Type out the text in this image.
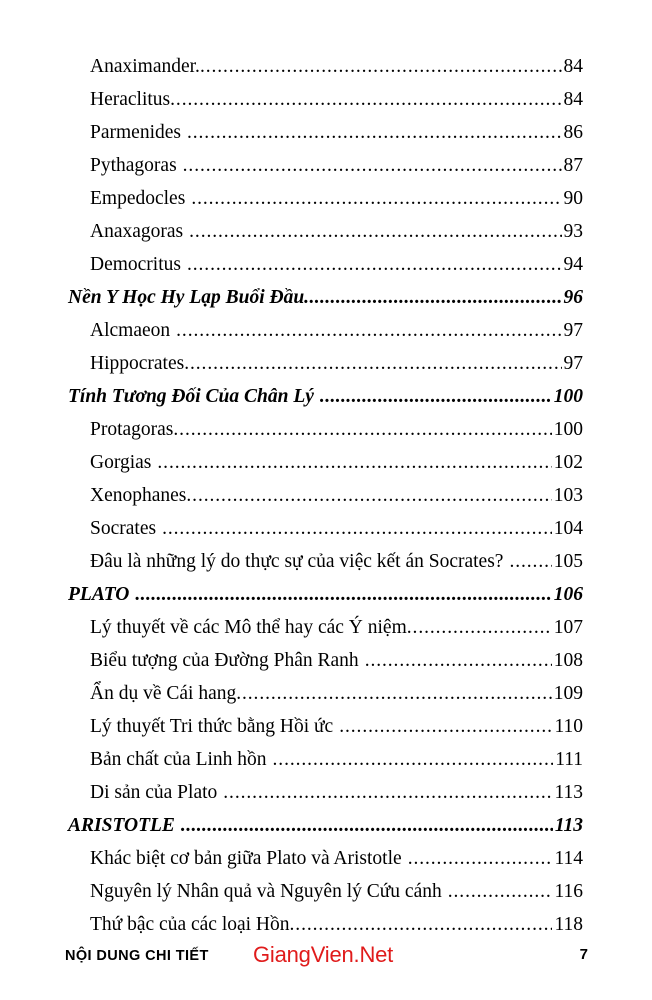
Anaximander. .....	84
Heraclitus .....	84
Parmenides .....	86
Pythagoras .....	87
Empedocles .....	90
Anaxagoras .....	93
Democritus .....	94
Nền Y Học Hy Lạp Buổi Đầu .....	96
Alcmaeon .....	97
Hippocrates .....	97
Tính Tương Đối Của Chân Lý .....	100
Protagoras .....	100
Gorgias .....	102
Xenophanes .....	103
Socrates .....	104
Đâu là những lý do thực sự của việc kết án Socrates? .....	105
PLATO .....	106
Lý thuyết về các Mô thể hay các Ý niệm .....	107
Biểu tượng của Đường Phân Ranh .....	108
Ẩn dụ về Cái hang .....	109
Lý thuyết Tri thức bằng Hồi ức .....	110
Bản chất của Linh hồn .....	111
Di sản của Plato .....	113
ARISTOTLE .....	113
Khác biệt cơ bản giữa Plato và Aristotle .....	114
Nguyên lý Nhân quả và Nguyên lý Cứu cánh .....	116
Thứ bậc của các loại Hồn .....	118
NỘI DUNG CHI TIẾT GiangVien.Net	7
